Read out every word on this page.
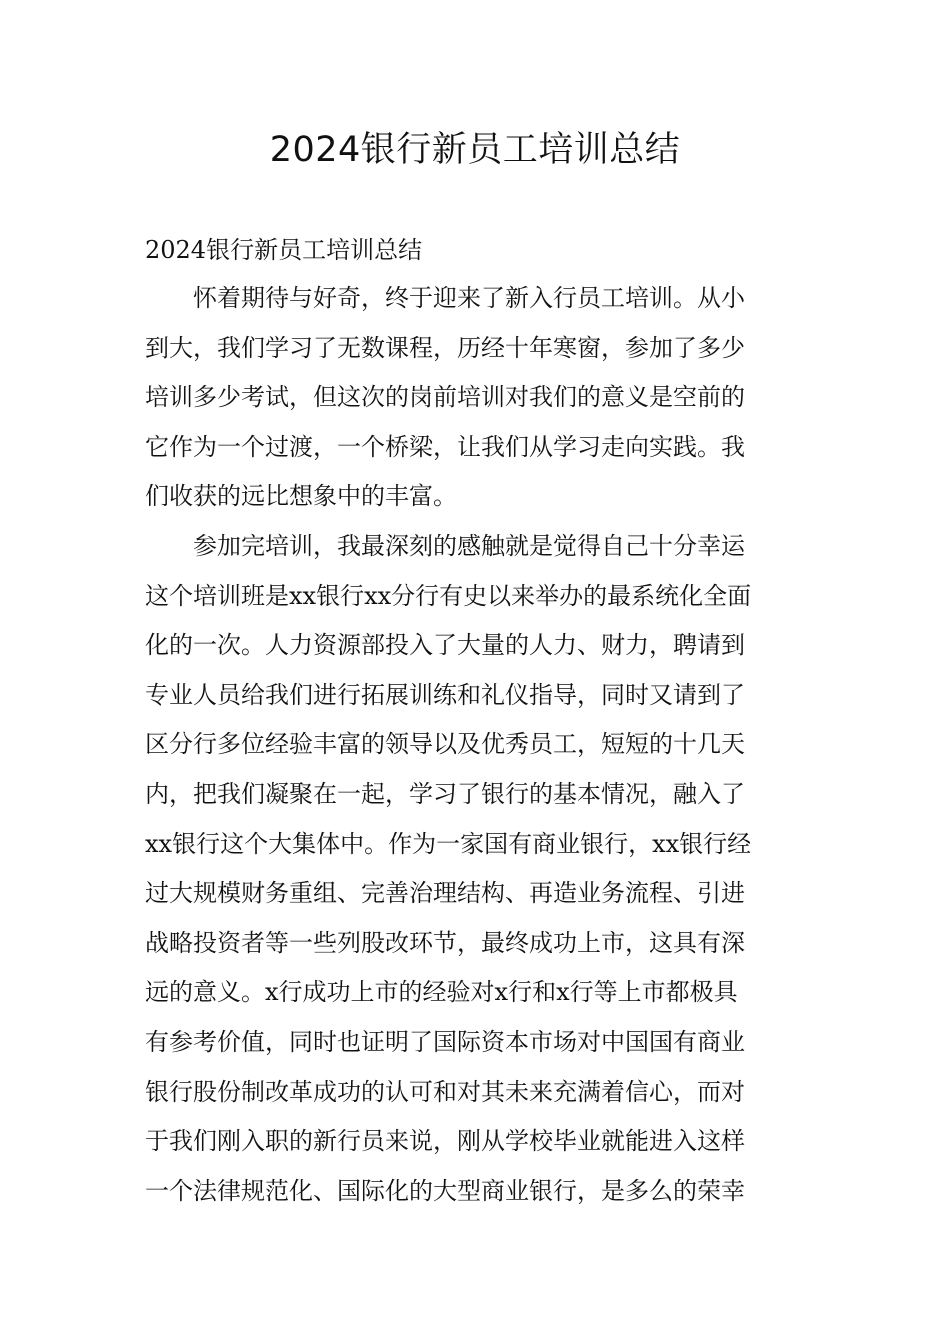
2024银行新员工培训总结

2024银行新员工培训总结

怀着期待与好奇，终于迎来了新入行员工培训。从小
到大，我们学习了无数课程，历经十年寒窗，参加了多少
培训多少考试，但这次的岗前培训对我们的意义是空前的
它作为一个过渡，一个桥梁，让我们从学习走向实践。我
们收获的远比想象中的丰富。
参加完培训，我最深刻的感触就是觉得自己十分幸运
这个培训班是xx银行xx分行有史以来举办的最系统化全面
化的一次。人力资源部投入了大量的人力、财力，聘请到
专业人员给我们进行拓展训练和礼仪指导，同时又请到了
区分行多位经验丰富的领导以及优秀员工，短短的十几天
内，把我们凝聚在一起，学习了银行的基本情况，融入了
xx银行这个大集体中。作为一家国有商业银行，xx银行经
过大规模财务重组、完善治理结构、再造业务流程、引进
战略投资者等一些列股改环节，最终成功上市，这具有深
远的意义。x行成功上市的经验对x行和x行等上市都极具
有参考价值，同时也证明了国际资本市场对中国国有商业
银行股份制改革成功的认可和对其未来充满着信心，而对
于我们刚入职的新行员来说，刚从学校毕业就能进入这样
一个法律规范化、国际化的大型商业银行，是多么的荣幸
